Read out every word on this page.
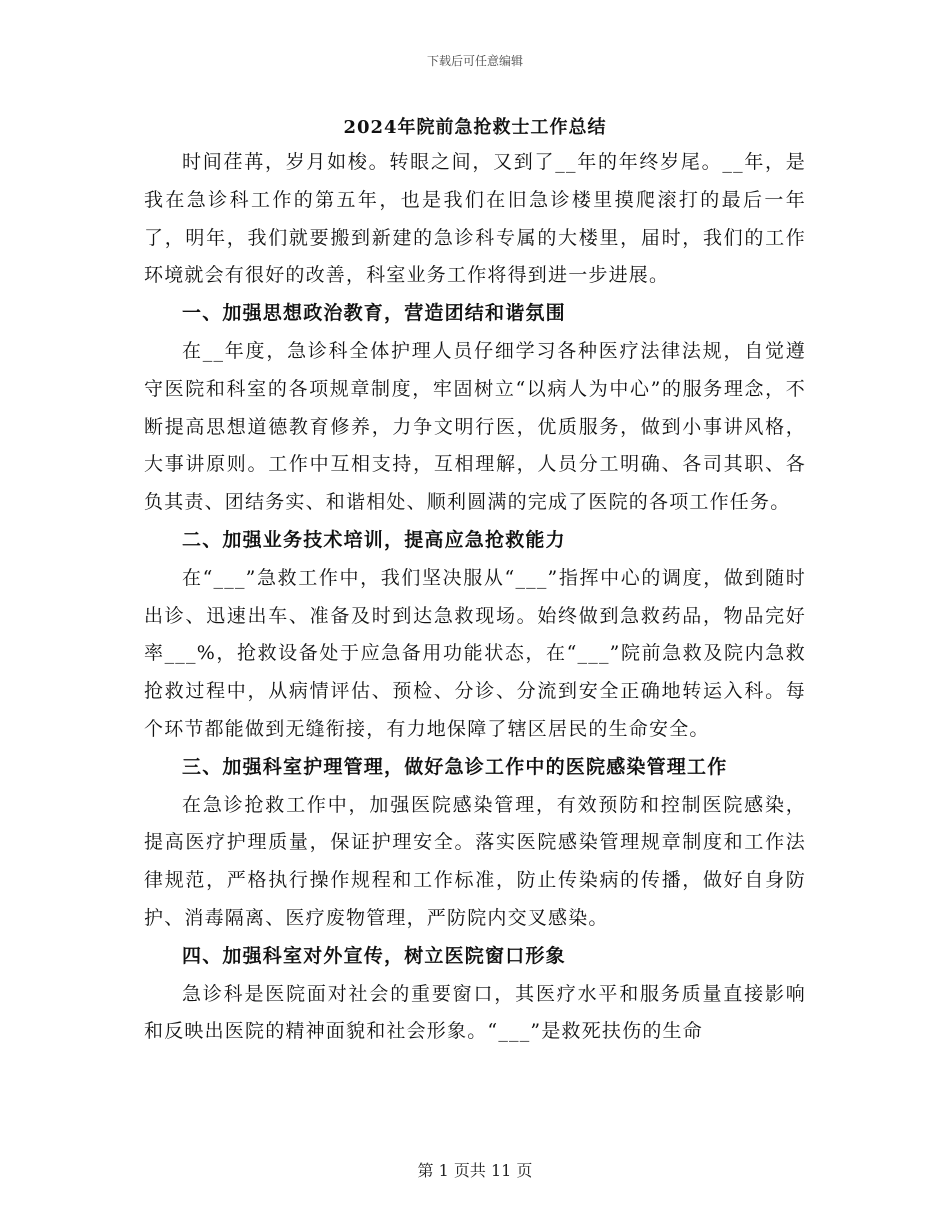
下载后可任意编辑
2024年院前急抢救士工作总结

时间荏苒，岁月如梭。转眼之间，又到了__年的年终岁尾。__年，是我在急诊科工作的第五年，也是我们在旧急诊楼里摸爬滚打的最后一年了，明年，我们就要搬到新建的急诊科专属的大楼里，届时，我们的工作环境就会有很好的改善，科室业务工作将得到进一步进展。

一、加强思想政治教育，营造团结和谐氛围

在__年度，急诊科全体护理人员仔细学习各种医疗法律法规，自觉遵守医院和科室的各项规章制度，牢固树立“以病人为中心”的服务理念，不断提高思想道德教育修养，力争文明行医，优质服务，做到小事讲风格，大事讲原则。工作中互相支持，互相理解，人员分工明确、各司其职、各负其责、团结务实、和谐相处、顺利圆满的完成了医院的各项工作任务。

二、加强业务技术培训，提高应急抢救能力

在“___”急救工作中，我们坚决服从“___”指挥中心的调度，做到随时出诊、迅速出车、准备及时到达急救现场。始终做到急救药品，物品完好率___%，抢救设备处于应急备用功能状态，在“___”院前急救及院内急救抢救过程中，从病情评估、预检、分诊、分流到安全正确地转运入科。每个环节都能做到无缝衔接，有力地保障了辖区居民的生命安全。

三、加强科室护理管理，做好急诊工作中的医院感染管理工作

在急诊抢救工作中，加强医院感染管理，有效预防和控制医院感染，提高医疗护理质量，保证护理安全。落实医院感染管理规章制度和工作法律规范，严格执行操作规程和工作标准，防止传染病的传播，做好自身防护、消毒隔离、医疗废物管理，严防院内交叉感染。

四、加强科室对外宣传，树立医院窗口形象

急诊科是医院面对社会的重要窗口，其医疗水平和服务质量直接影响和反映出医院的精神面貌和社会形象。“___”是救死扶伤的生命

第 1 页共 11 页
